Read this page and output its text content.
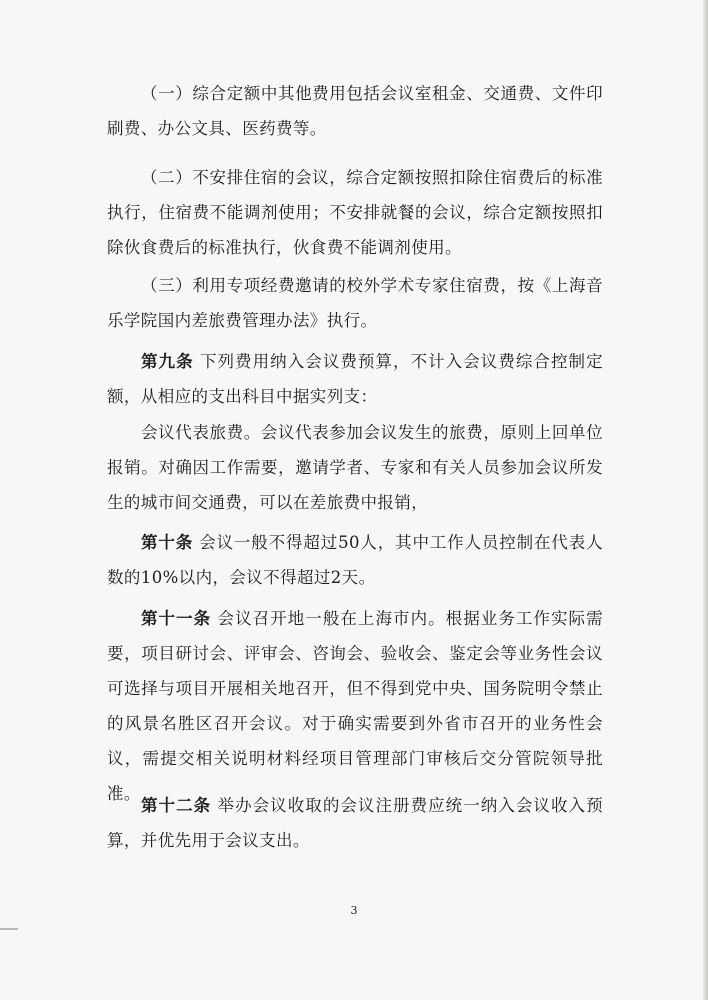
（一）综合定额中其他费用包括会议室租金、交通费、文件印刷费、办公文具、医药费等。

（二）不安排住宿的会议，综合定额按照扣除住宿费后的标准执行，住宿费不能调剂使用；不安排就餐的会议，综合定额按照扣除伙食费后的标准执行，伙食费不能调剂使用。

（三）利用专项经费邀请的校外学术专家住宿费，按《上海音乐学院国内差旅费管理办法》执行。

第九条 下列费用纳入会议费预算，不计入会议费综合控制定额，从相应的支出科目中据实列支：

会议代表旅费。会议代表参加会议发生的旅费，原则上回单位报销。对确因工作需要，邀请学者、专家和有关人员参加会议所发生的城市间交通费，可以在差旅费中报销，

第十条 会议一般不得超过50人，其中工作人员控制在代表人数的10%以内，会议不得超过2天。

第十一条 会议召开地一般在上海市内。根据业务工作实际需要，项目研讨会、评审会、咨询会、验收会、鉴定会等业务性会议可选择与项目开展相关地召开，但不得到党中央、国务院明令禁止的风景名胜区召开会议。对于确实需要到外省市召开的业务性会议，需提交相关说明材料经项目管理部门审核后交分管院领导批准。

第十二条 举办会议收取的会议注册费应统一纳入会议收入预算，并优先用于会议支出。

3
